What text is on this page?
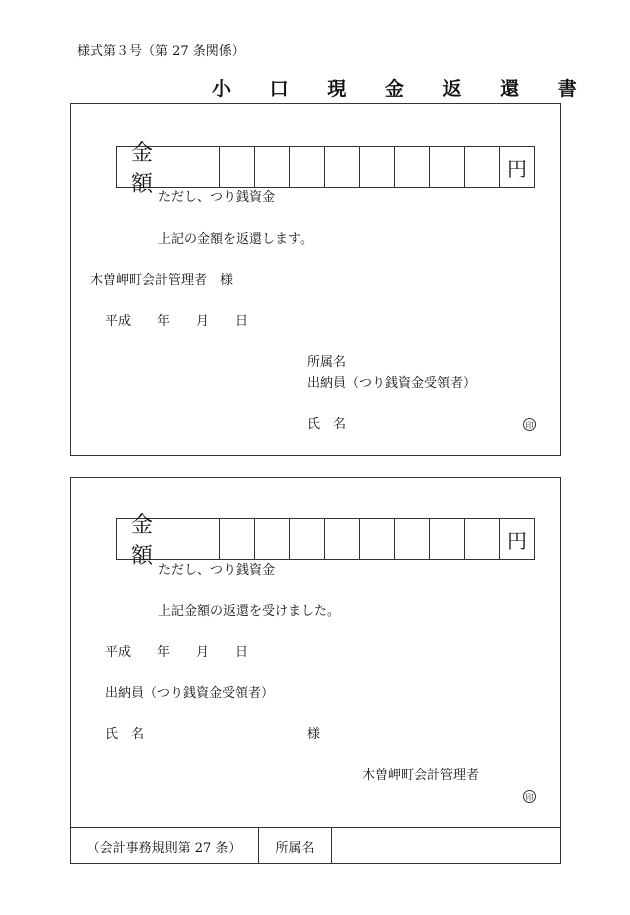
様式第３号（第 27 条関係）
小 口 現 金 返 還 書
金　額
円
ただし、つり銭資金
上記の金額を返還します。
木曽岬町会計管理者　様
平成　　年　　月　　日
所属名
出納員（つり銭資金受領者）
氏　名	印
金　額
円
ただし、つり銭資金
上記金額の返還を受けました。
平成　　年　　月　　日
出納員（つり銭資金受領者）
氏　名	様
木曽岬町会計管理者
印
（会計事務規則第 27 条）	所属名
